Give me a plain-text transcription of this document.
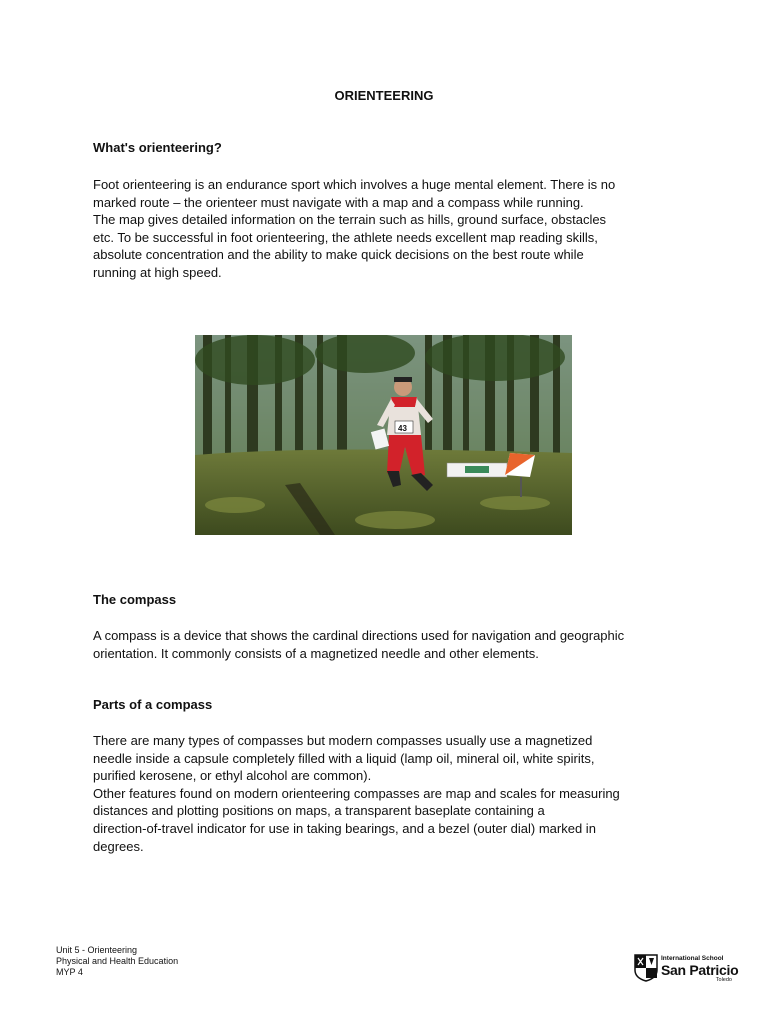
ORIENTEERING
What's orienteering?
Foot orienteering is an endurance sport which involves a huge mental element. There is no
marked route – the orienteer must navigate with a map and a compass while running.
The map gives detailed information on the terrain such as hills, ground surface, obstacles
etc. To be successful in foot orienteering, the athlete needs excellent map reading skills,
absolute concentration and the ability to make quick decisions on the best route while
running at high speed.
43
The compass
A compass is a device that shows the cardinal directions used for navigation and geographic
orientation. It commonly consists of a magnetized needle and other elements.
Parts of a compass
There are many types of compasses but modern compasses usually use a magnetized
needle inside a capsule completely filled with a liquid (lamp oil, mineral oil, white spirits,
purified kerosene, or ethyl alcohol are common).
Other features found on modern orienteering compasses are map and scales for measuring
distances and plotting positions on maps, a transparent baseplate containing a
direction-of-travel indicator for use in taking bearings, and a bezel (outer dial) marked in
degrees.
Unit 5 - Orienteering
Physical and Health Education
MYP 4
International School
San Patricio
Toledo
